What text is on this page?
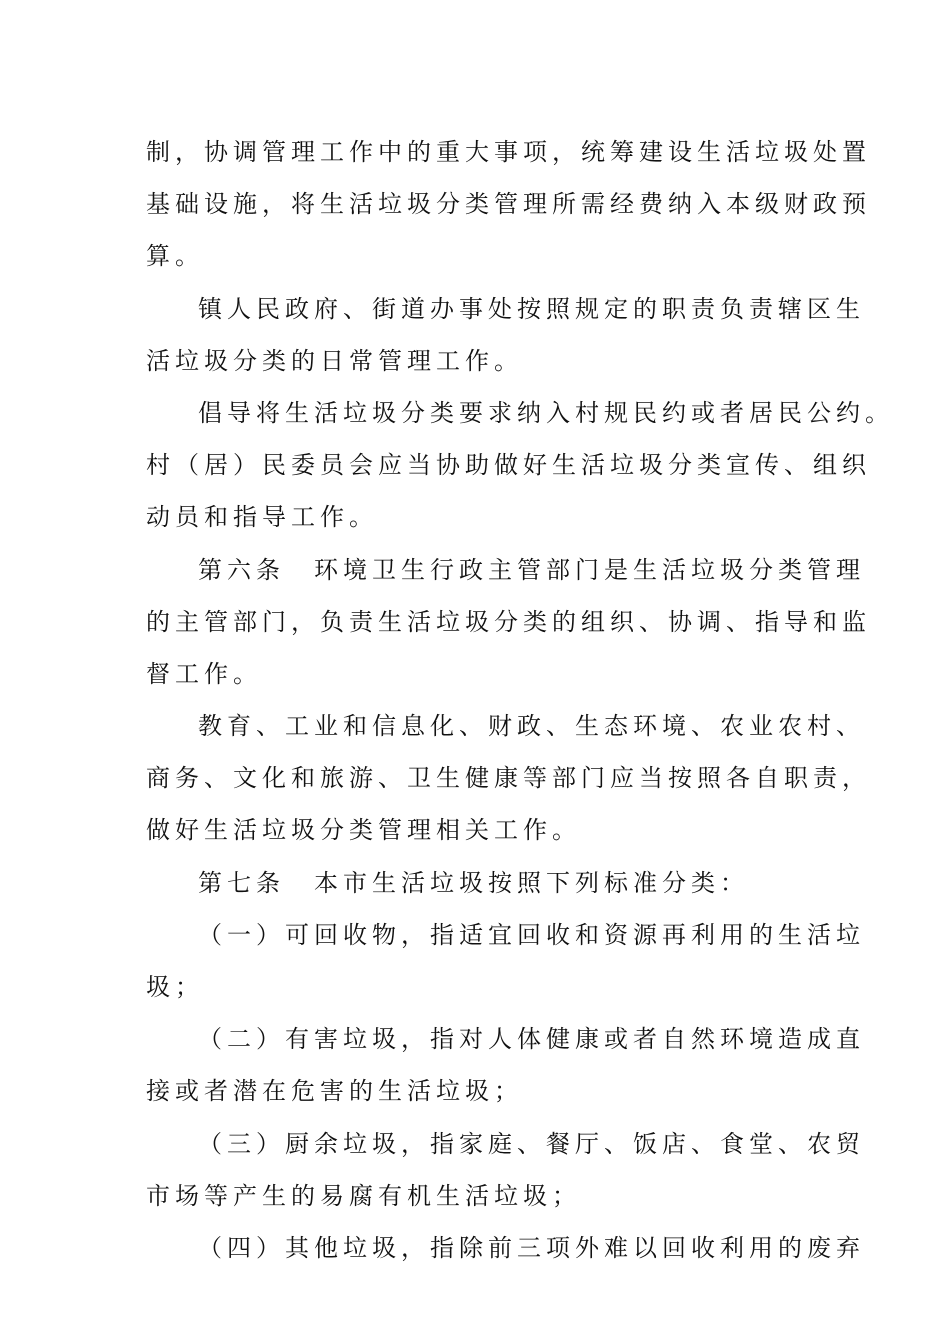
制，协调管理工作中的重大事项，统筹建设生活垃圾处置
基础设施，将生活垃圾分类管理所需经费纳入本级财政预
算。
镇人民政府、街道办事处按照规定的职责负责辖区生
活垃圾分类的日常管理工作。
倡导将生活垃圾分类要求纳入村规民约或者居民公约。
村（居）民委员会应当协助做好生活垃圾分类宣传、组织
动员和指导工作。
第六条　环境卫生行政主管部门是生活垃圾分类管理
的主管部门，负责生活垃圾分类的组织、协调、指导和监
督工作。
教育、工业和信息化、财政、生态环境、农业农村、
商务、文化和旅游、卫生健康等部门应当按照各自职责，
做好生活垃圾分类管理相关工作。
第七条　本市生活垃圾按照下列标准分类：
（一）可回收物，指适宜回收和资源再利用的生活垃
圾；
（二）有害垃圾，指对人体健康或者自然环境造成直
接或者潜在危害的生活垃圾；
（三）厨余垃圾，指家庭、餐厅、饭店、食堂、农贸
市场等产生的易腐有机生活垃圾；
（四）其他垃圾，指除前三项外难以回收利用的废弃
